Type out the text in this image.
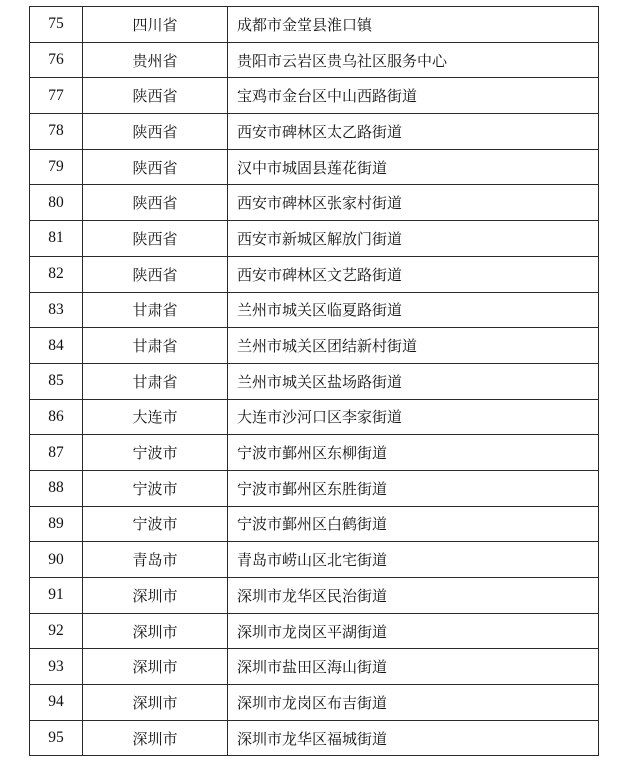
75	四川省	成都市金堂县淮口镇
76	贵州省	贵阳市云岩区贵乌社区服务中心
77	陕西省	宝鸡市金台区中山西路街道
78	陕西省	西安市碑林区太乙路街道
79	陕西省	汉中市城固县莲花街道
80	陕西省	西安市碑林区张家村街道
81	陕西省	西安市新城区解放门街道
82	陕西省	西安市碑林区文艺路街道
83	甘肃省	兰州市城关区临夏路街道
84	甘肃省	兰州市城关区团结新村街道
85	甘肃省	兰州市城关区盐场路街道
86	大连市	大连市沙河口区李家街道
87	宁波市	宁波市鄞州区东柳街道
88	宁波市	宁波市鄞州区东胜街道
89	宁波市	宁波市鄞州区白鹤街道
90	青岛市	青岛市崂山区北宅街道
91	深圳市	深圳市龙华区民治街道
92	深圳市	深圳市龙岗区平湖街道
93	深圳市	深圳市盐田区海山街道
94	深圳市	深圳市龙岗区布吉街道
95	深圳市	深圳市龙华区福城街道
